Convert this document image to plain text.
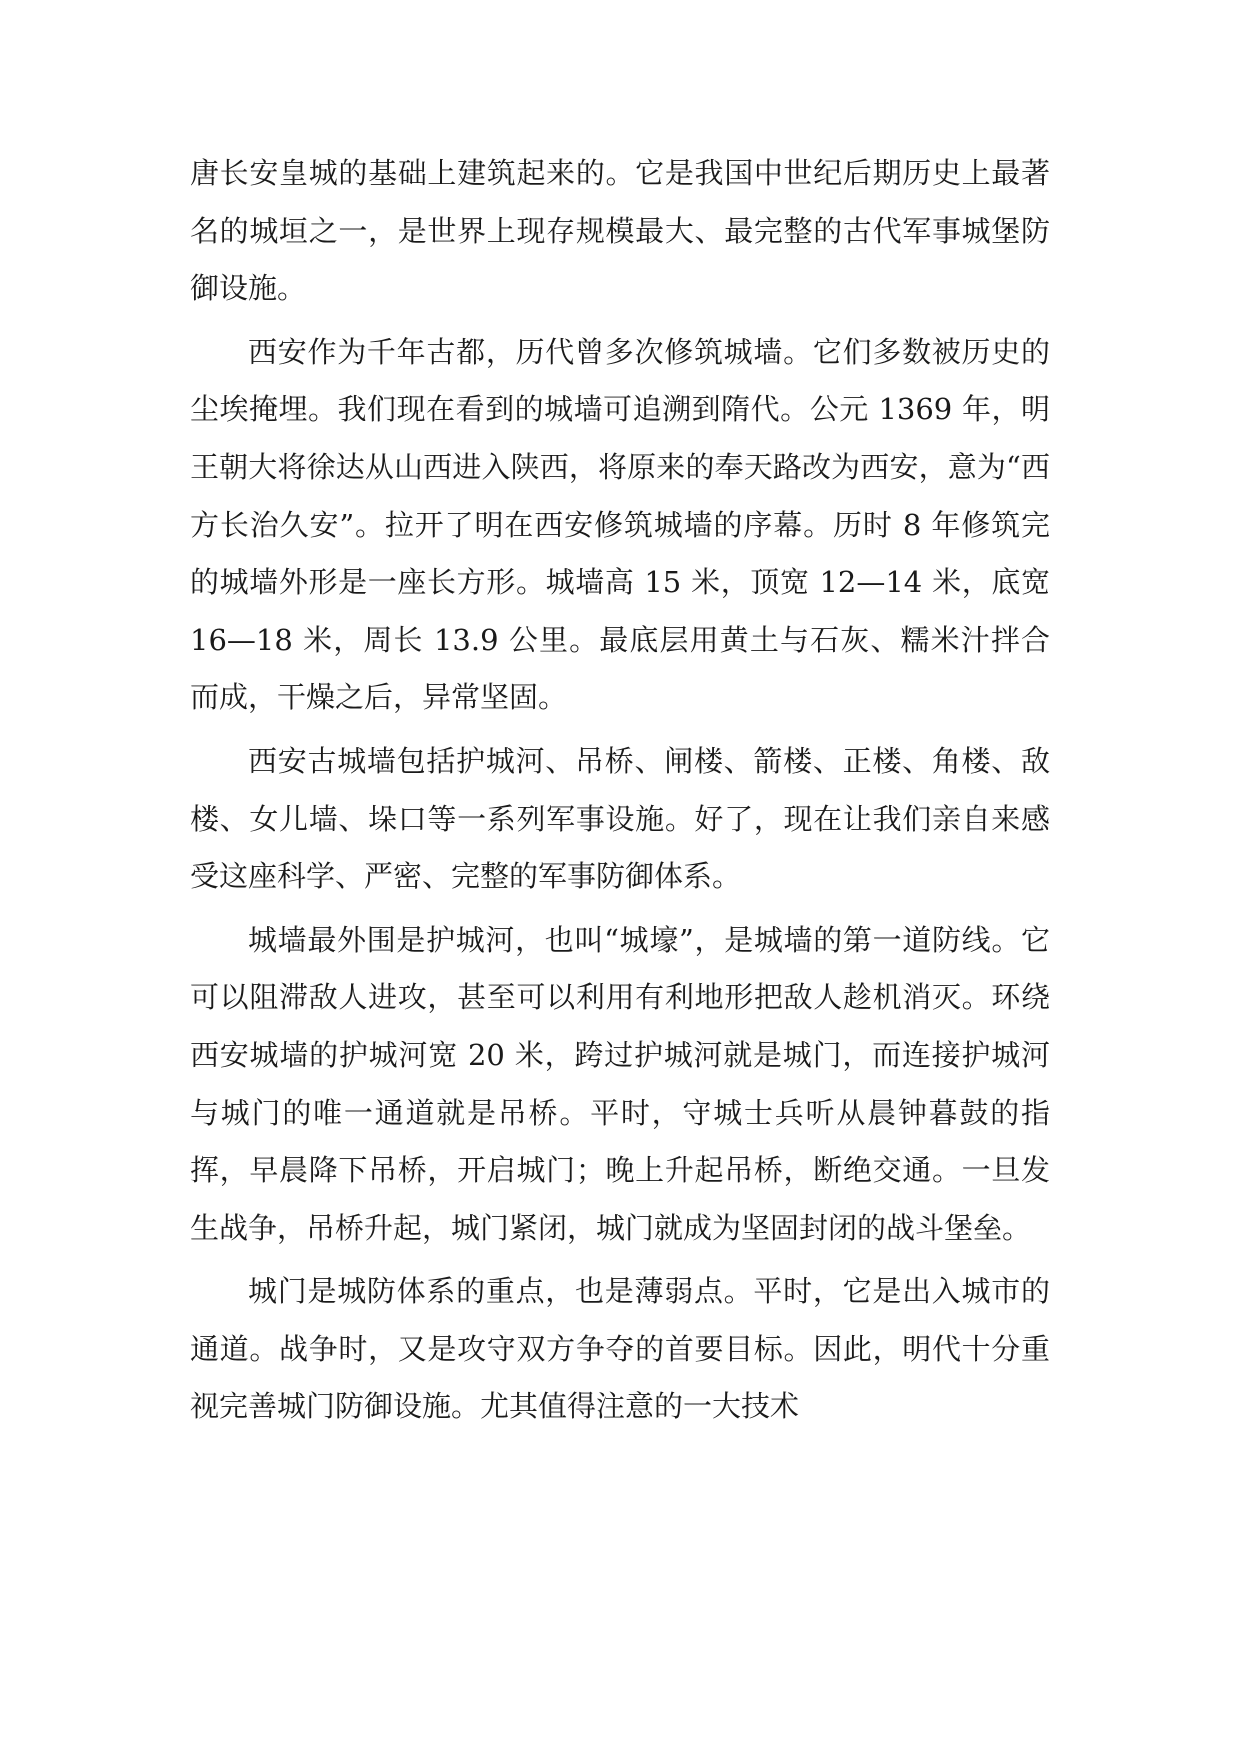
唐长安皇城的基础上建筑起来的。它是我国中世纪后期历史上最著名的城垣之一，是世界上现存规模最大、最完整的古代军事城堡防御设施。

西安作为千年古都，历代曾多次修筑城墙。它们多数被历史的尘埃掩埋。我们现在看到的城墙可追溯到隋代。公元 1369 年，明王朝大将徐达从山西进入陕西，将原来的奉天路改为西安，意为“西方长治久安”。拉开了明在西安修筑城墙的序幕。历时 8 年修筑完的城墙外形是一座长方形。城墙高 15 米，顶宽 12—14 米，底宽 16—18 米，周长 13.9 公里。最底层用黄土与石灰、糯米汁拌合而成，干燥之后，异常坚固。

西安古城墙包括护城河、吊桥、闸楼、箭楼、正楼、角楼、敌楼、女儿墙、垛口等一系列军事设施。好了，现在让我们亲自来感受这座科学、严密、完整的军事防御体系。

城墙最外围是护城河，也叫“城壕”，是城墙的第一道防线。它可以阻滞敌人进攻，甚至可以利用有利地形把敌人趁机消灭。环绕西安城墙的护城河宽 20 米，跨过护城河就是城门，而连接护城河与城门的唯一通道就是吊桥。平时，守城士兵听从晨钟暮鼓的指挥，早晨降下吊桥，开启城门；晚上升起吊桥，断绝交通。一旦发生战争，吊桥升起，城门紧闭，城门就成为坚固封闭的战斗堡垒。

城门是城防体系的重点，也是薄弱点。平时，它是出入城市的通道。战争时，又是攻守双方争夺的首要目标。因此，明代十分重视完善城门防御设施。尤其值得注意的一大技术
